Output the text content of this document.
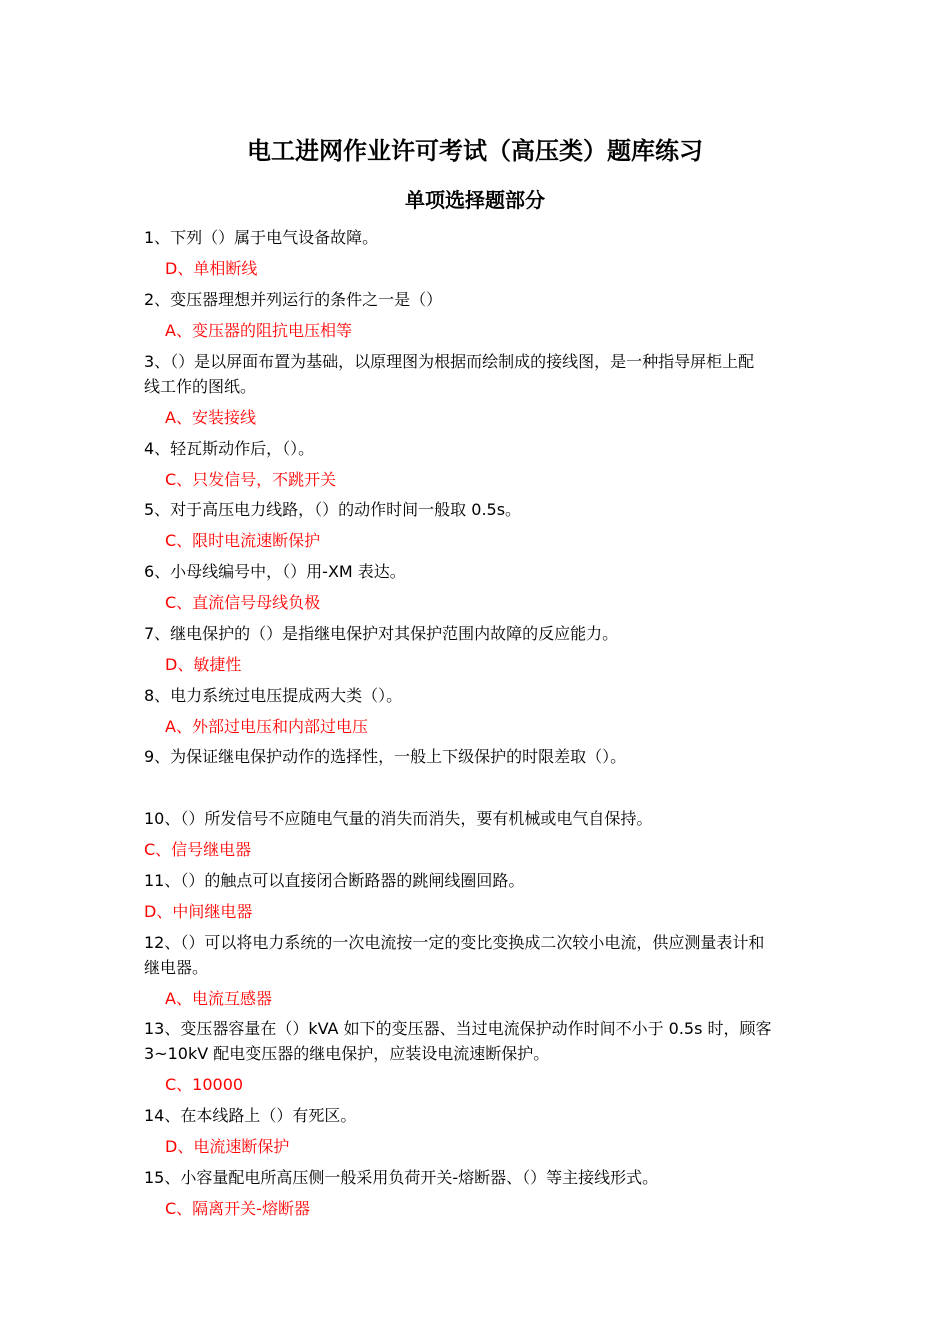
电工进网作业许可考试（高压类）题库练习
单项选择题部分
1、下列（）属于电气设备故障。
D、单相断线
2、变压器理想并列运行的条件之一是（）
A、变压器的阻抗电压相等
3、（）是以屏面布置为基础，以原理图为根据而绘制成的接线图，是一种指导屏柜上配
线工作的图纸。
A、安装接线
4、轻瓦斯动作后，（）。
C、只发信号，不跳开关
5、对于高压电力线路，（）的动作时间一般取 0.5s。
C、限时电流速断保护
6、小母线编号中，（）用-XM 表达。
C、直流信号母线负极
7、继电保护的（）是指继电保护对其保护范围内故障的反应能力。
D、敏捷性
8、电力系统过电压提成两大类（）。
A、外部过电压和内部过电压
9、为保证继电保护动作的选择性，一般上下级保护的时限差取（）。
10、（）所发信号不应随电气量的消失而消失，要有机械或电气自保持。
C、信号继电器
11、（）的触点可以直接闭合断路器的跳闸线圈回路。
D、中间继电器
12、（）可以将电力系统的一次电流按一定的变比变换成二次较小电流，供应测量表计和
继电器。
A、电流互感器
13、变压器容量在（）kVA 如下的变压器、当过电流保护动作时间不小于 0.5s 时，顾客
3~10kV 配电变压器的继电保护，应装设电流速断保护。
C、10000
14、在本线路上（）有死区。
D、电流速断保护
15、小容量配电所高压侧一般采用负荷开关-熔断器、（）等主接线形式。
C、隔离开关-熔断器
